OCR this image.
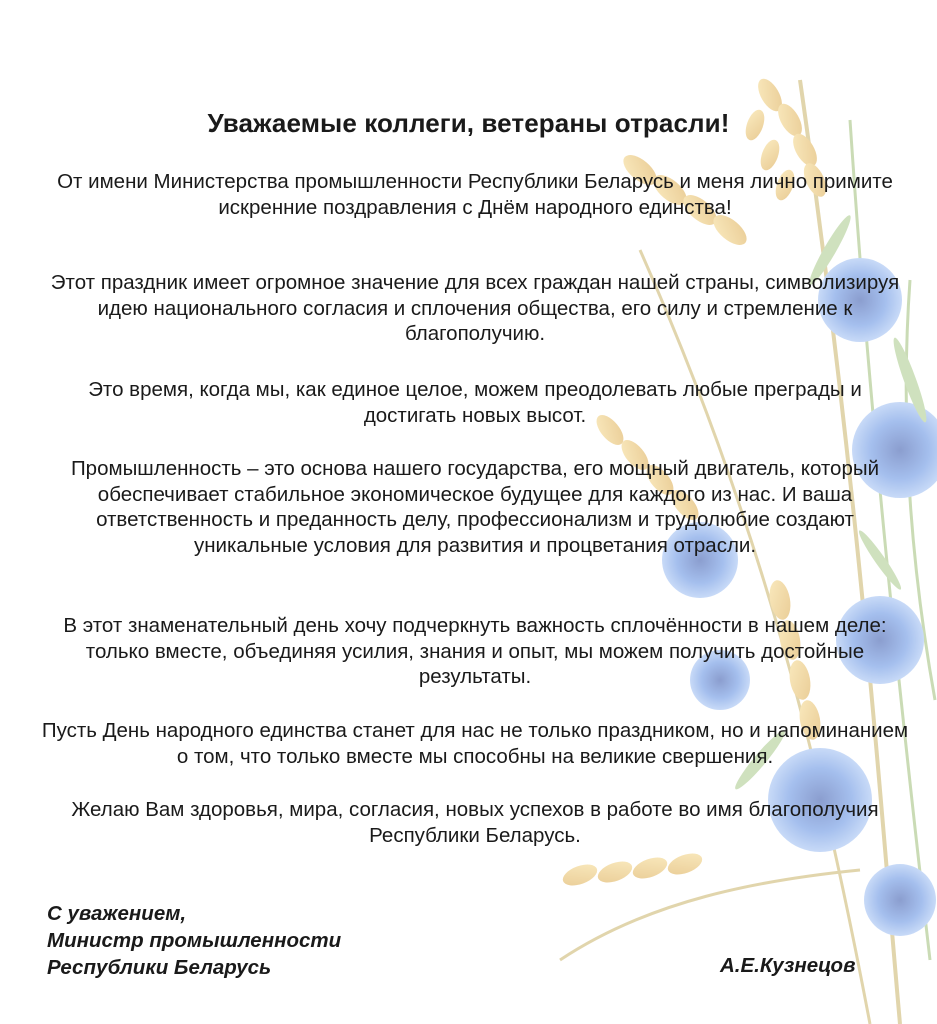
Уважаемые коллеги, ветераны отрасли!

От имени Министерства промышленности Республики Беларусь и меня лично примите искренние поздравления с Днём народного единства!

Этот праздник имеет огромное значение для всех граждан нашей страны, символизируя идею национального согласия и сплочения общества, его силу и стремление к благополучию.

Это время, когда мы, как единое целое, можем преодолевать любые преграды и достигать новых высот.

Промышленность – это основа нашего государства, его мощный двигатель, который обеспечивает стабильное экономическое будущее для каждого из нас. И ваша ответственность и преданность делу, профессионализм и трудолюбие создают уникальные условия для развития и процветания отрасли.

В этот знаменательный день хочу подчеркнуть важность сплочённости в нашем деле: только вместе, объединяя усилия, знания и опыт, мы можем получить достойные результаты.

Пусть День народного единства станет для нас не только праздником, но и напоминанием о том, что только вместе мы способны на великие свершения.

Желаю Вам здоровья, мира, согласия, новых успехов в работе во имя благополучия Республики Беларусь.

С уважением,
Министр промышленности
Республики Беларусь	А.Е.Кузнецов
